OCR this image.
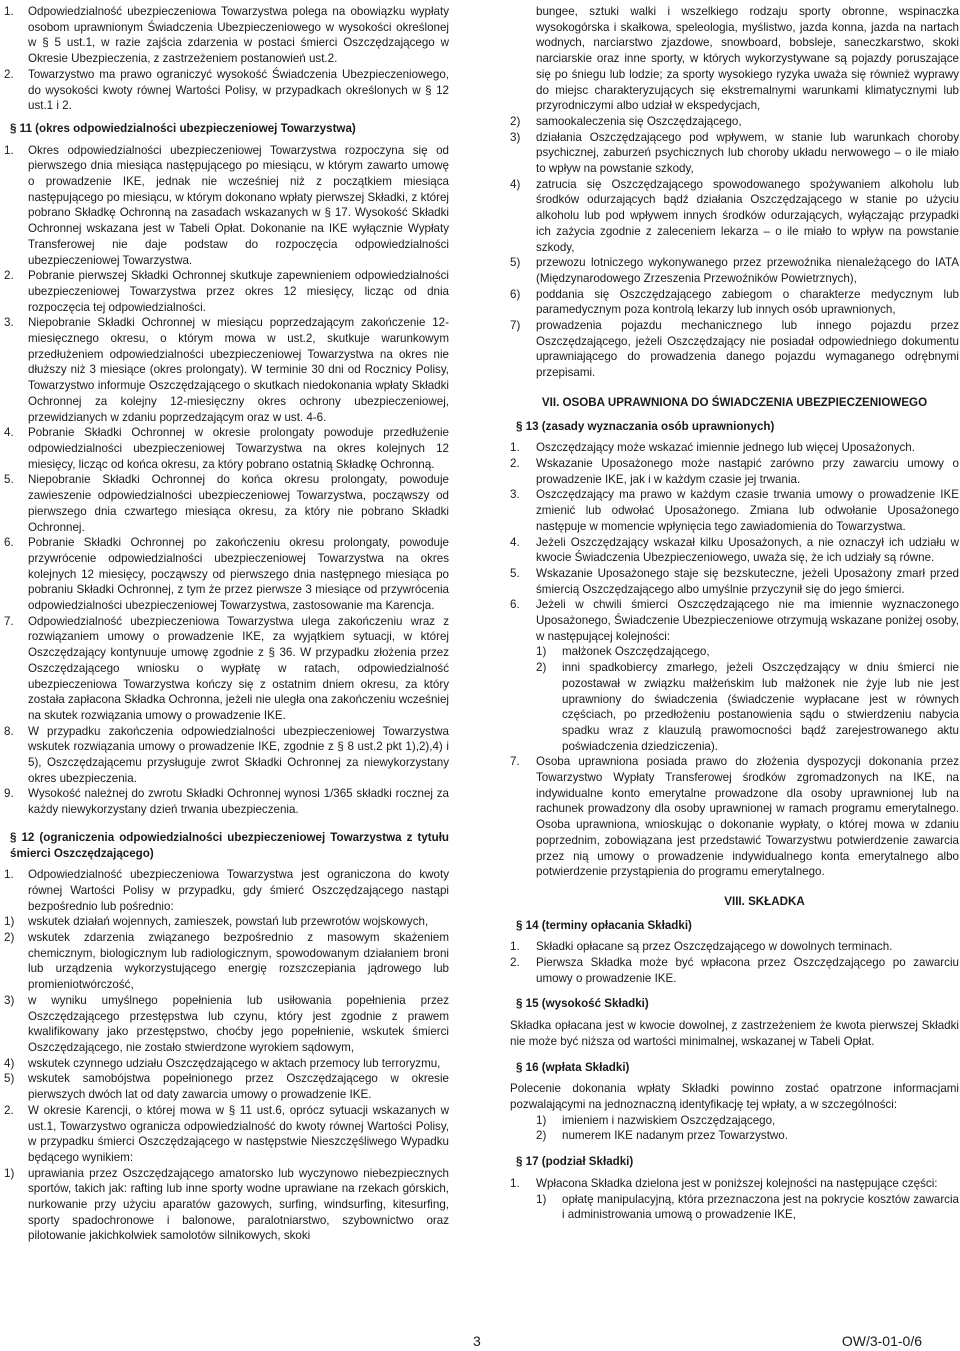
1.	Odpowiedzialność ubezpieczeniowa Towarzystwa polega na obowiązku wypłaty osobom uprawnionym Świadczenia Ubezpieczeniowego w wysokości określonej w § 5 ust.1, w razie zajścia zdarzenia w postaci śmierci Oszczędzającego w Okresie Ubezpieczenia, z zastrzeżeniem postanowień ust.2.
2.	Towarzystwo ma prawo ograniczyć wysokość Świadczenia Ubezpieczeniowego, do wysokości kwoty równej Wartości Polisy, w przypadkach określonych w § 12 ust.1 i 2.

§ 11 (okres odpowiedzialności ubezpieczeniowej Towarzystwa)

1.	Okres odpowiedzialności ubezpieczeniowej Towarzystwa rozpoczyna się od pierwszego dnia miesiąca następującego po miesiącu, w którym zawarto umowę o prowadzenie IKE, jednak nie wcześniej niż z początkiem miesiąca następującego po miesiącu, w którym dokonano wpłaty pierwszej Składki, z której pobrano Składkę Ochronną na zasadach wskazanych w § 17. Wysokość Składki Ochronnej wskazana jest w Tabeli Opłat. Dokonanie na IKE wyłącznie Wypłaty Transferowej nie daje podstaw do rozpoczęcia odpowiedzialności ubezpieczeniowej Towarzystwa.
2.	Pobranie pierwszej Składki Ochronnej skutkuje zapewnieniem odpowiedzialności ubezpieczeniowej Towarzystwa przez okres 12 miesięcy, licząc od dnia rozpoczęcia tej odpowiedzialności.
3.	Niepobranie Składki Ochronnej w miesiącu poprzedzającym zakończenie 12-miesięcznego okresu, o którym mowa w ust.2, skutkuje warunkowym przedłużeniem odpowiedzialności ubezpieczeniowej Towarzystwa na okres nie dłuższy niż 3 miesiące (okres prolongaty). W terminie 30 dni od Rocznicy Polisy, Towarzystwo informuje Oszczędzającego o skutkach niedokonania wpłaty Składki Ochronnej za kolejny 12-miesięczny okres ochrony ubezpieczeniowej, przewidzianych w zdaniu poprzedzającym oraz w ust. 4-6.
4.	Pobranie Składki Ochronnej w okresie prolongaty powoduje przedłużenie odpowiedzialności ubezpieczeniowej Towarzystwa na okres kolejnych 12 miesięcy, licząc od końca okresu, za który pobrano ostatnią Składkę Ochronną.
5.	Niepobranie Składki Ochronnej do końca okresu prolongaty, powoduje zawieszenie odpowiedzialności ubezpieczeniowej Towarzystwa, począwszy od pierwszego dnia czwartego miesiąca okresu, za który nie pobrano Składki Ochronnej.
6.	Pobranie Składki Ochronnej po zakończeniu okresu prolongaty, powoduje przywrócenie odpowiedzialności ubezpieczeniowej Towarzystwa na okres kolejnych 12 miesięcy, począwszy od pierwszego dnia następnego miesiąca po pobraniu Składki Ochronnej, z tym że przez pierwsze 3 miesiące od przywrócenia odpowiedzialności ubezpieczeniowej Towarzystwa, zastosowanie ma Karencja.
7.	Odpowiedzialność ubezpieczeniowa Towarzystwa ulega zakończeniu wraz z rozwiązaniem umowy o prowadzenie IKE, za wyjątkiem sytuacji, w której Oszczędzający kontynuuje umowę zgodnie z § 36. W przypadku złożenia przez Oszczędzającego wniosku o wypłatę w ratach, odpowiedzialność ubezpieczeniowa Towarzystwa kończy się z ostatnim dniem okresu, za który została zapłacona Składka Ochronna, jeżeli nie uległa ona zakończeniu wcześniej na skutek rozwiązania umowy o prowadzenie IKE.
8.	W przypadku zakończenia odpowiedzialności ubezpieczeniowej Towarzystwa wskutek rozwiązania umowy o prowadzenie IKE, zgodnie z § 8 ust.2 pkt 1),2),4) i 5), Oszczędzającemu przysługuje zwrot Składki Ochronnej za niewykorzystany okres ubezpieczenia.
9.	Wysokość należnej do zwrotu Składki Ochronnej wynosi 1/365 składki rocznej za każdy niewykorzystany dzień trwania ubezpieczenia.

§ 12 (ograniczenia odpowiedzialności ubezpieczeniowej Towarzystwa z tytułu śmierci Oszczędzającego)

1.	Odpowiedzialność ubezpieczeniowa Towarzystwa jest ograniczona do kwoty równej Wartości Polisy w przypadku, gdy śmierć Oszczędzającego nastąpi bezpośrednio lub pośrednio:
1)	wskutek działań wojennych, zamieszek, powstań lub przewrotów wojskowych,
2)	wskutek zdarzenia związanego bezpośrednio z masowym skażeniem chemicznym, biologicznym lub radiologicznym, spowodowanym działaniem broni lub urządzenia wykorzystującego energię rozszczepiania jądrowego lub promieniotwórczość,
3)	w wyniku umyślnego popełnienia lub usiłowania popełnienia przez Oszczędzającego przestępstwa lub czynu, który jest zgodnie z prawem kwalifikowany jako przestępstwo, choćby jego popełnienie, wskutek śmierci Oszczędzającego, nie zostało stwierdzone wyrokiem sądowym,
4)	wskutek czynnego udziału Oszczędzającego w aktach przemocy lub terroryzmu,
5)	wskutek samobójstwa popełnionego przez Oszczędzającego w okresie pierwszych dwóch lat od daty zawarcia umowy o prowadzenie IKE.
2.	W okresie Karencji, o której mowa w § 11 ust.6, oprócz sytuacji wskazanych w ust.1, Towarzystwo ogranicza odpowiedzialność do kwoty równej Wartości Polisy, w przypadku śmierci Oszczędzającego w następstwie Nieszczęśliwego Wypadku będącego wynikiem:
1)	uprawiania przez Oszczędzającego amatorsko lub wyczynowo niebezpiecznych sportów, takich jak: rafting lub inne sporty wodne uprawiane na rzekach górskich, nurkowanie przy użyciu aparatów gazowych, surfing, windsurfing, kitesurfing, sporty spadochronowe i balonowe, paralotniarstwo, szybownictwo oraz pilotowanie jakichkolwiek samolotów silnikowych, skoki

bungee, sztuki walki i wszelkiego rodzaju sporty obronne, wspinaczka wysokogórska i skałkowa, speleologia, myślistwo, jazda konna, jazda na nartach wodnych, narciarstwo zjazdowe, snowboard, bobsleje, saneczkarstwo, skoki narciarskie oraz inne sporty, w których wykorzystywane są pojazdy poruszające się po śniegu lub lodzie; za sporty wysokiego ryzyka uważa się również wyprawy do miejsc charakteryzujących się ekstremalnymi warunkami klimatycznymi lub przyrodniczymi albo udział w ekspedycjach,

2)	samookaleczenia się Oszczędzającego,
3)	działania Oszczędzającego pod wpływem, w stanie lub warunkach choroby psychicznej, zaburzeń psychicznych lub choroby układu nerwowego – o ile miało to wpływ na powstanie szkody,
4)	zatrucia się Oszczędzającego spowodowanego spożywaniem alkoholu lub środków odurzających bądź działania Oszczędzającego w stanie po użyciu alkoholu lub pod wpływem innych środków odurzających, wyłączając przypadki ich zażycia zgodnie z zaleceniem lekarza – o ile miało to wpływ na powstanie szkody,
5)	przewozu lotniczego wykonywanego przez przewoźnika nienależącego do IATA (Międzynarodowego Zrzeszenia Przewoźników Powietrznych),
6)	poddania się Oszczędzającego zabiegom o charakterze medycznym lub paramedycznym poza kontrolą lekarzy lub innych osób uprawnionych,
7)	prowadzenia pojazdu mechanicznego lub innego pojazdu przez Oszczędzającego, jeżeli Oszczędzający nie posiadał odpowiedniego dokumentu uprawniającego do prowadzenia danego pojazdu wymaganego odrębnymi przepisami.

VII. OSOBA UPRAWNIONA DO ŚWIADCZENIA UBEZPIECZENIOWEGO

§ 13 (zasady wyznaczania osób uprawnionych)

1.	Oszczędzający może wskazać imiennie jednego lub więcej Uposażonych.
2.	Wskazanie Uposażonego może nastąpić zarówno przy zawarciu umowy o prowadzenie IKE, jak i w każdym czasie jej trwania.
3.	Oszczędzający ma prawo w każdym czasie trwania umowy o prowadzenie IKE zmienić lub odwołać Uposażonego. Zmiana lub odwołanie Uposażonego następuje w momencie wpłynięcia tego zawiadomienia do Towarzystwa.
4.	Jeżeli Oszczędzający wskazał kilku Uposażonych, a nie oznaczył ich udziału w kwocie Świadczenia Ubezpieczeniowego, uważa się, że ich udziały są równe.
5.	Wskazanie Uposażonego staje się bezskuteczne, jeżeli Uposażony zmarł przed śmiercią Oszczędzającego albo umyślnie przyczynił się do jego śmierci.
6.	Jeżeli w chwili śmierci Oszczędzającego nie ma imiennie wyznaczonego Uposażonego, Świadczenie Ubezpieczeniowe otrzymują wskazane poniżej osoby, w następującej kolejności:
1)	małżonek Oszczędzającego,
2)	inni spadkobiercy zmarłego, jeżeli Oszczędzający w dniu śmierci nie pozostawał w związku małżeńskim lub małżonek nie żyje lub nie jest uprawniony do świadczenia (świadczenie wypłacane jest w równych częściach, po przedłożeniu postanowienia sądu o stwierdzeniu nabycia spadku wraz z klauzulą prawomocności bądź zarejestrowanego aktu poświadczenia dziedziczenia).
7.	Osoba uprawniona posiada prawo do złożenia dyspozycji dokonania przez Towarzystwo Wypłaty Transferowej środków zgromadzonych na IKE, na indywidualne konto emerytalne prowadzone dla osoby uprawnionej lub na rachunek prowadzony dla osoby uprawnionej w ramach programu emerytalnego. Osoba uprawniona, wnioskując o dokonanie wypłaty, o której mowa w zdaniu poprzednim, zobowiązana jest przedstawić Towarzystwu potwierdzenie zawarcia przez nią umowy o prowadzenie indywidualnego konta emerytalnego albo potwierdzenie przystąpienia do programu emerytalnego.

VIII. SKŁADKA

§ 14 (terminy opłacania Składki)

1.	Składki opłacane są przez Oszczędzającego w dowolnych terminach.
2.	Pierwsza Składka może być wpłacona przez Oszczędzającego po zawarciu umowy o prowadzenie IKE.

§ 15 (wysokość Składki)

Składka opłacana jest w kwocie dowolnej, z zastrzeżeniem że kwota pierwszej Składki nie może być niższa od wartości minimalnej, wskazanej w Tabeli Opłat.

§ 16 (wpłata Składki)

Polecenie dokonania wpłaty Składki powinno zostać opatrzone informacjami pozwalającymi na jednoznaczną identyfikację tej wpłaty, a w szczególności:

1)	imieniem i nazwiskiem Oszczędzającego,
2)	numerem IKE nadanym przez Towarzystwo.

§ 17 (podział Składki)

1.	Wpłacona Składka dzielona jest w poniższej kolejności na następujące części:
1)	opłatę manipulacyjną, która przeznaczona jest na pokrycie kosztów zawarcia i administrowania umową o prowadzenie IKE,
3	OW/3-01-0/6
